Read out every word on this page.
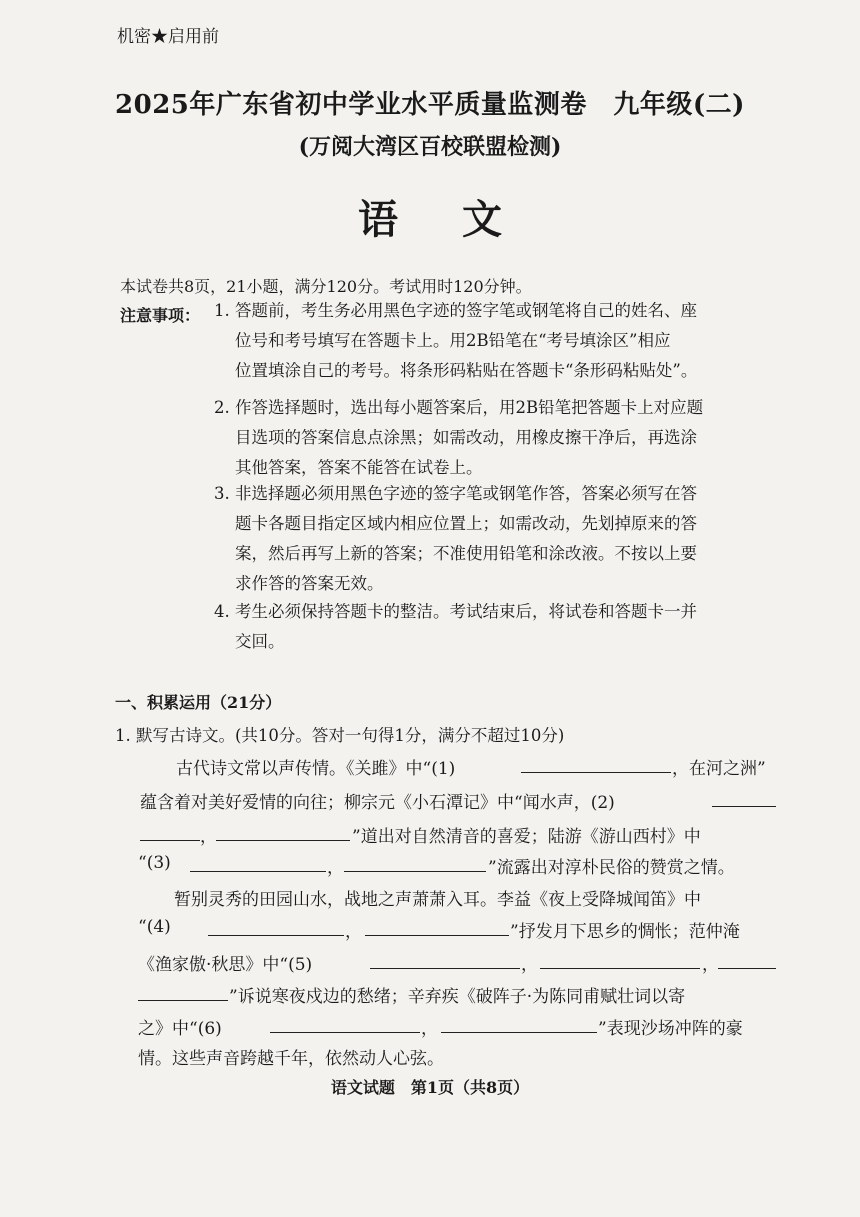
机密★启用前
2025年广东省初中学业水平质量监测卷　九年级(二)
(万阅大湾区百校联盟检测)
语 文
本试卷共8页，21小题，满分120分。考试用时120分钟。
注意事项： 1. 答题前，考生务必用黑色字迹的签字笔或钢笔将自己的姓名、座
位号和考号填写在答题卡上。用2B铅笔在“考号填涂区”相应
位置填涂自己的考号。将条形码粘贴在答题卡“条形码粘贴处”。
2. 作答选择题时，选出每小题答案后，用2B铅笔把答题卡上对应题
目选项的答案信息点涂黑；如需改动，用橡皮擦干净后，再选涂
其他答案，答案不能答在试卷上。
3. 非选择题必须用黑色字迹的签字笔或钢笔作答，答案必须写在答
题卡各题目指定区域内相应位置上；如需改动，先划掉原来的答
案，然后再写上新的答案；不准使用铅笔和涂改液。不按以上要
求作答的答案无效。
4. 考生必须保持答题卡的整洁。考试结束后，将试卷和答题卡一并
交回。
一、积累运用（21分）
1. 默写古诗文。(共10分。答对一句得1分，满分不超过10分)
古代诗文常以声传情。《关雎》中“(1)	，在河之洲”
蕴含着对美好爱情的向往；柳宗元《小石潭记》中“闻水声，(2)
，	”道出对自然清音的喜爱；陆游《游山西村》中
“(3)	，	”流露出对淳朴民俗的赞赏之情。
暂别灵秀的田园山水，战地之声萧萧入耳。李益《夜上受降城闻笛》中
“(4)	，	”抒发月下思乡的惆怅；范仲淹
《渔家傲·秋思》中“(5)	，	，
”诉说寒夜戍边的愁绪；辛弃疾《破阵子·为陈同甫赋壮词以寄
之》中“(6)	，	”表现沙场冲阵的豪
情。这些声音跨越千年，依然动人心弦。
语文试题　第1页（共8页）
